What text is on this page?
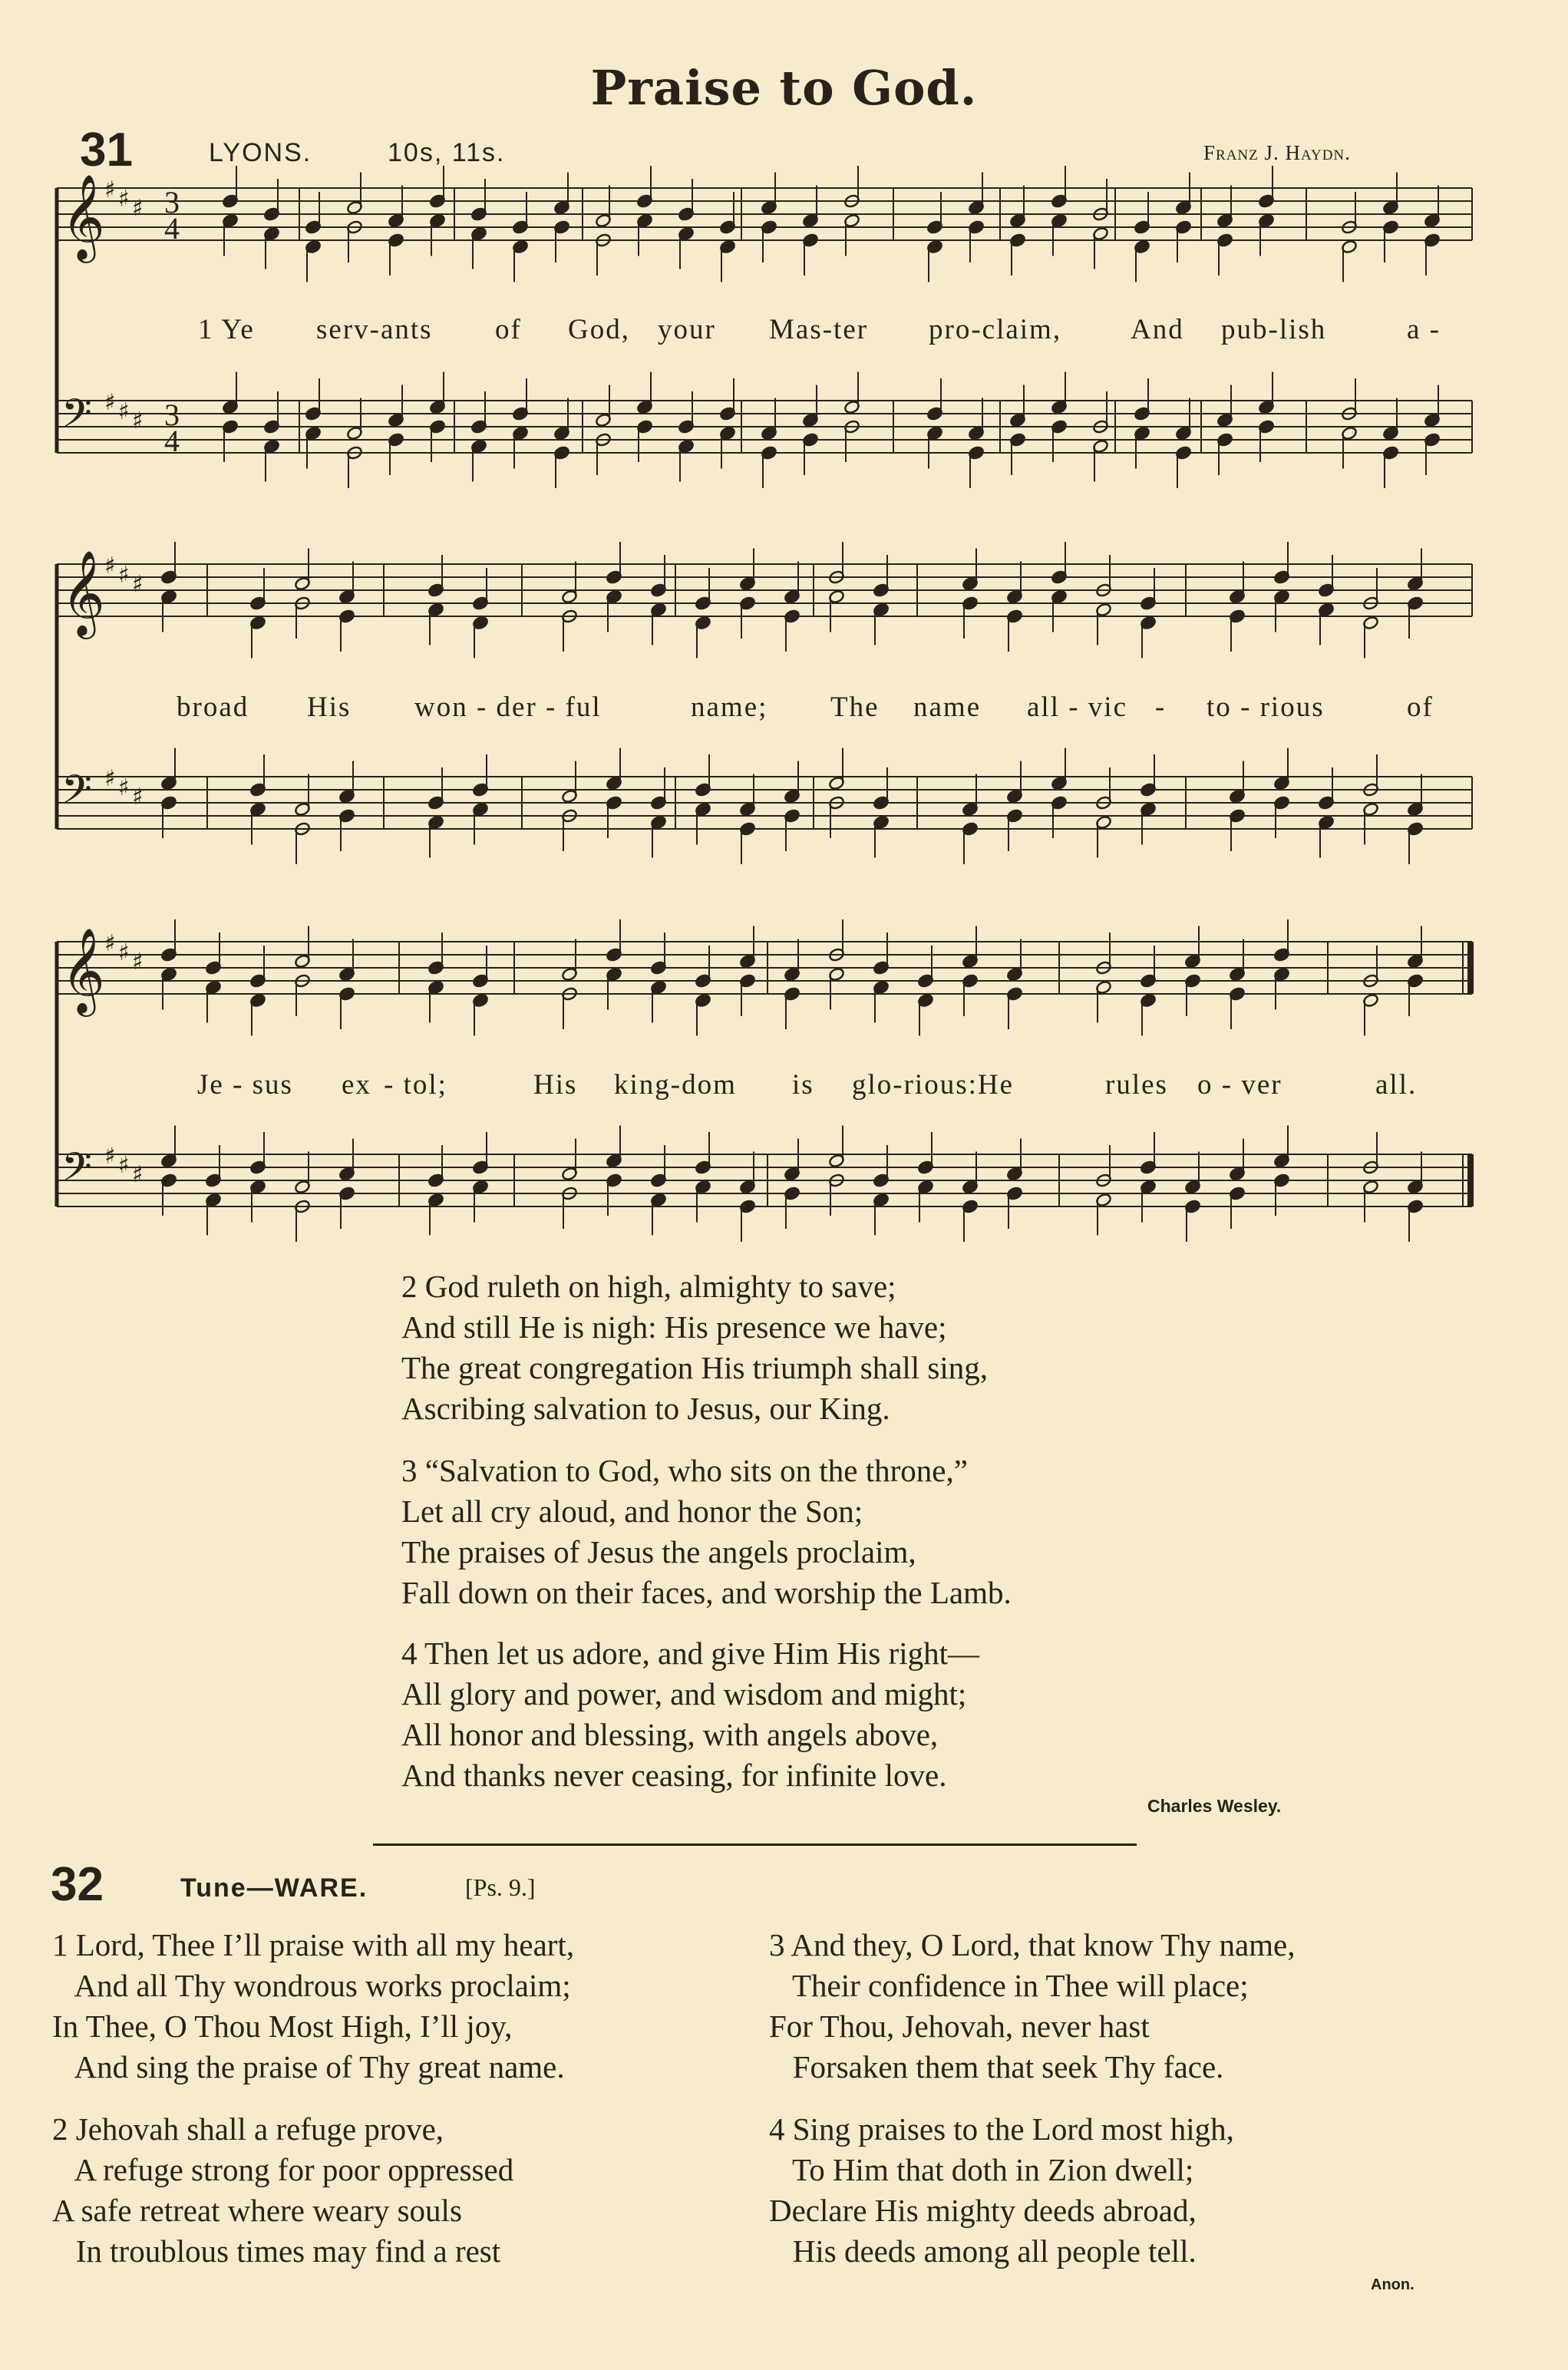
Praise to God.
31	LYONS.	10s, 11s.	Franz J. Haydn.
𝄞 ♯ ♯ ♯ 3
4
𝄢 ♯ ♯ ♯ 3
4
𝄞 ♯ ♯ ♯
𝄢 ♯ ♯ ♯
𝄞 ♯ ♯ ♯
𝄢 ♯ ♯ ♯
1 Ye serv-ants of God, your Mas-ter pro-claim, And pub-lish	a -
broad His won - der - ful	name; The name all - vic - to - rious	of
Je - sus ex - tol;	His king-dom is glo-rious:He	rules o - ver	all.
2 God ruleth on high, almighty to save;
And still He is nigh: His presence we have;
The great congregation His triumph shall sing,
Ascribing salvation to Jesus, our King.
3 “Salvation to God, who sits on the throne,”
Let all cry aloud, and honor the Son;
The praises of Jesus the angels proclaim,
Fall down on their faces, and worship the Lamb.
4 Then let us adore, and give Him His right—
All glory and power, and wisdom and might;
All honor and blessing, with angels above,
And thanks never ceasing, for infinite love.
Charles Wesley.
32	Tune—WARE.	[Ps. 9.]
1 Lord, Thee I’ll praise with all my heart,
And all Thy wondrous works proclaim;
In Thee, O Thou Most High, I’ll joy,
And sing the praise of Thy great name.
2 Jehovah shall a refuge prove,
A refuge strong for poor oppressed
A safe retreat where weary souls
In troublous times may find a rest
3 And they, O Lord, that know Thy name,
Their confidence in Thee will place;
For Thou, Jehovah, never hast
Forsaken them that seek Thy face.
4 Sing praises to the Lord most high,
To Him that doth in Zion dwell;
Declare His mighty deeds abroad,
His deeds among all people tell.
Anon.
